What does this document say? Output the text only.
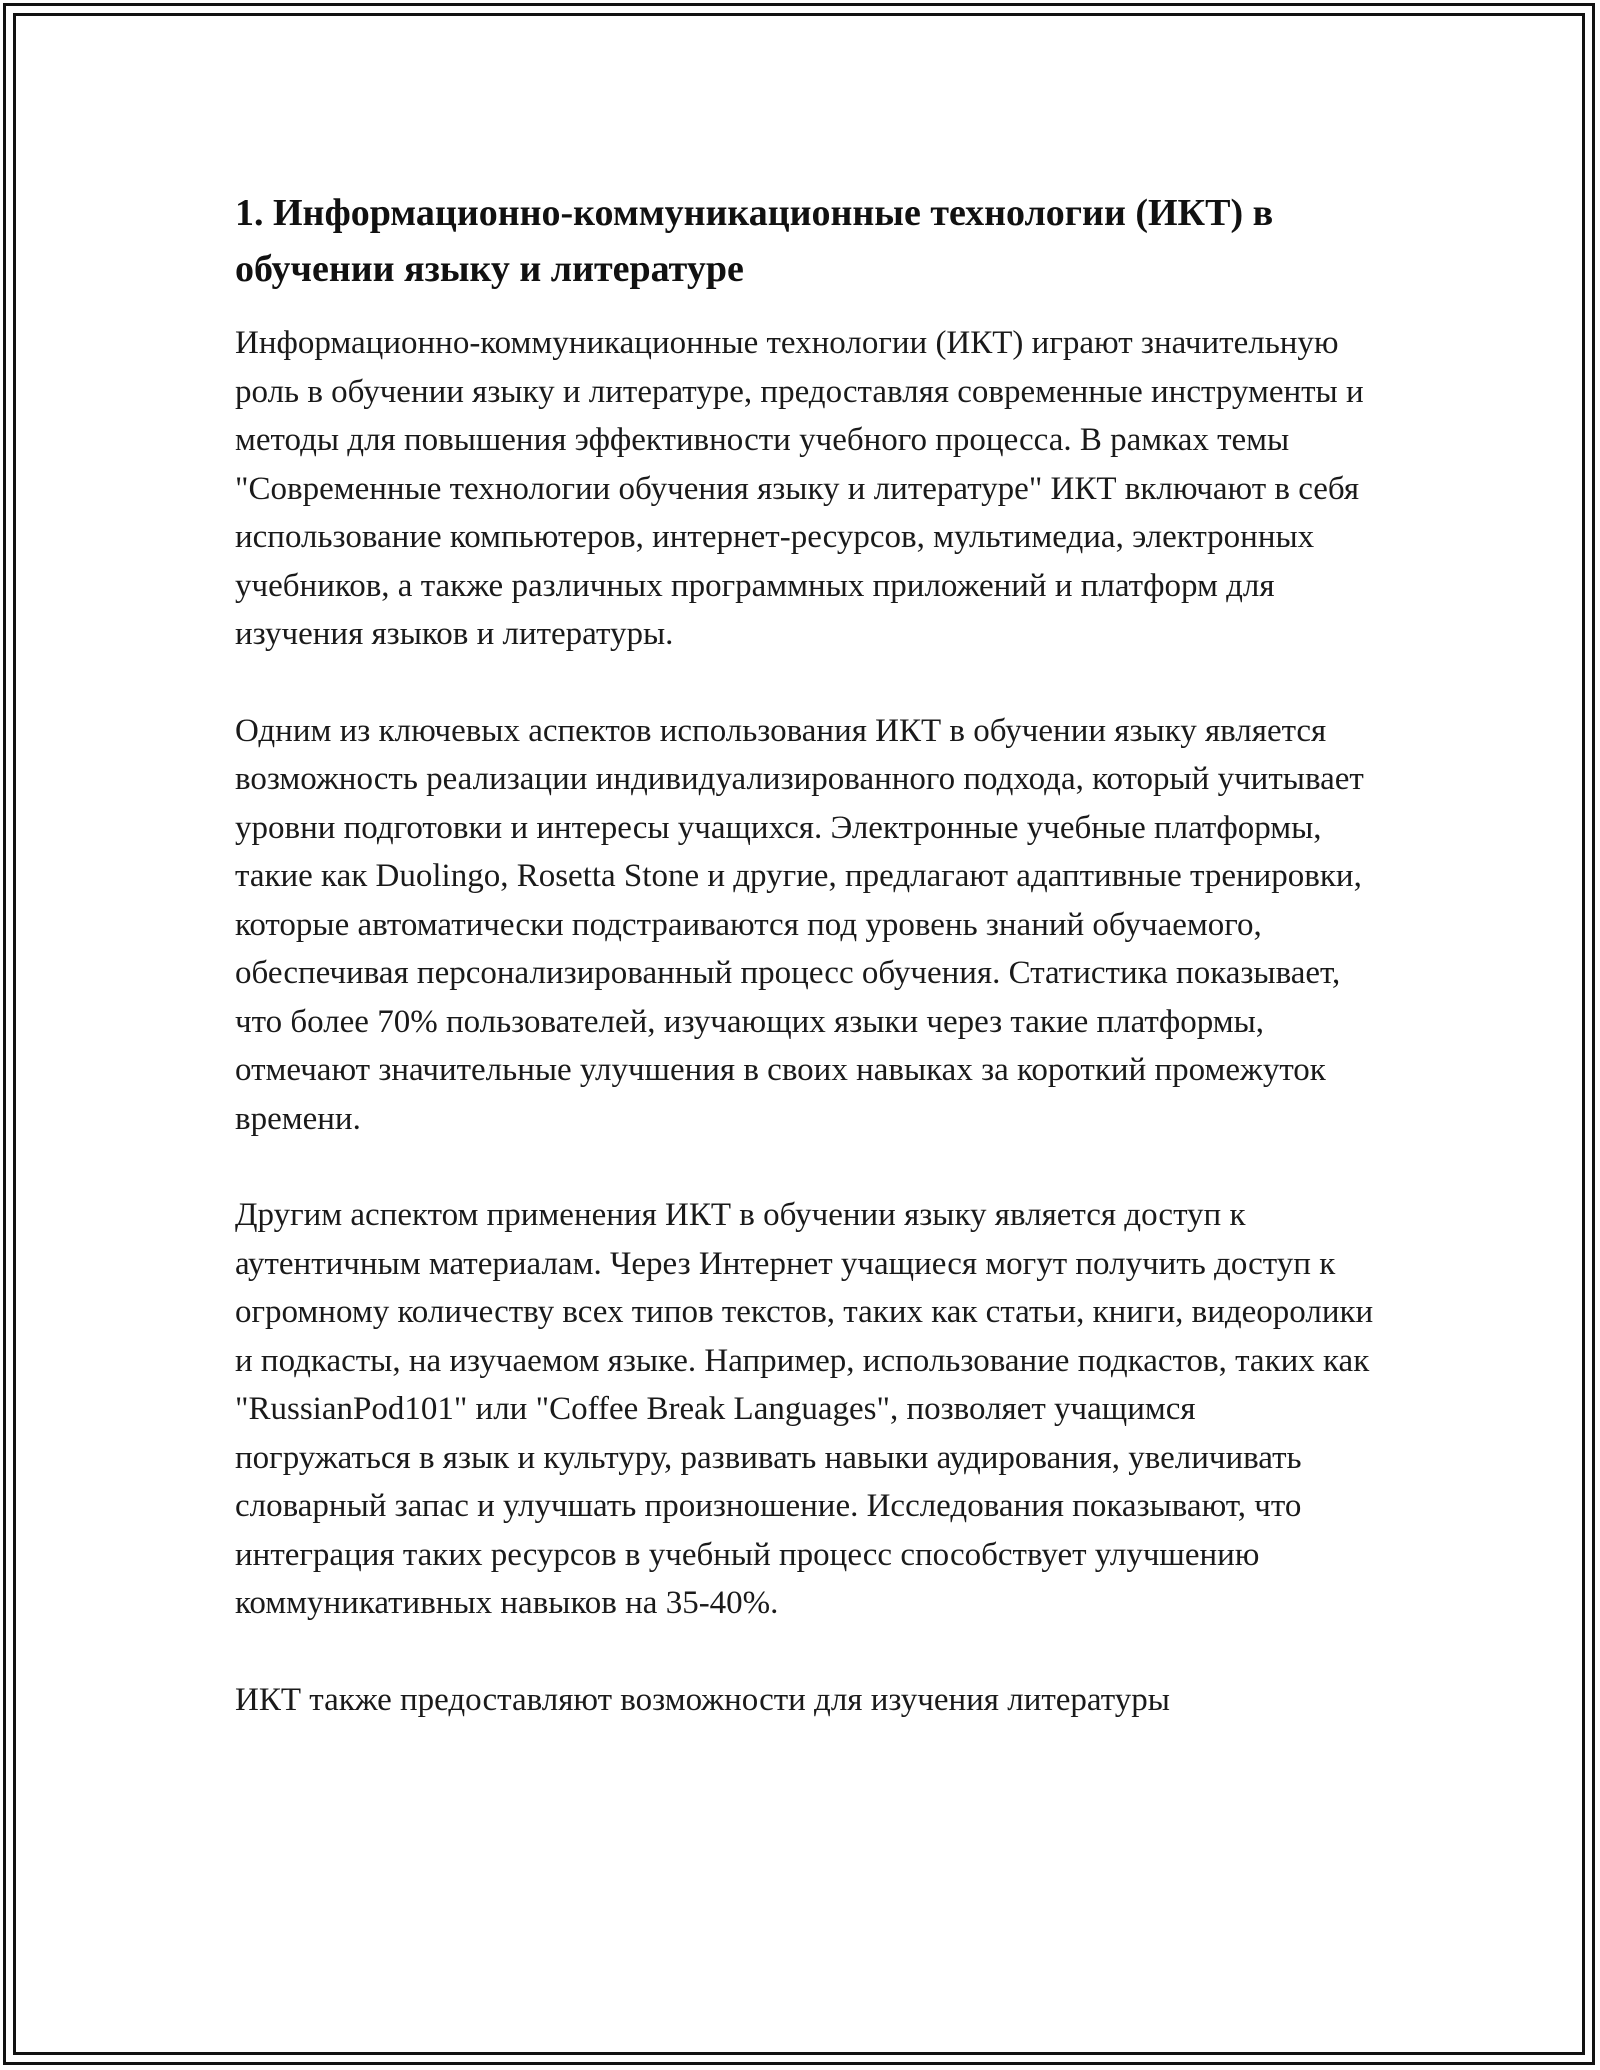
1. Информационно-коммуникационные технологии (ИКТ) в обучении языку и литературе

Информационно-коммуникационные технологии (ИКТ) играют значительную роль в обучении языку и литературе, предоставляя современные инструменты и методы для повышения эффективности учебного процесса. В рамках темы "Современные технологии обучения языку и литературе" ИКТ включают в себя использование компьютеров, интернет-ресурсов, мультимедиа, электронных учебников, а также различных программных приложений и платформ для изучения языков и литературы.

Одним из ключевых аспектов использования ИКТ в обучении языку является возможность реализации индивидуализированного подхода, который учитывает уровни подготовки и интересы учащихся. Электронные учебные платформы, такие как Duolingo, Rosetta Stone и другие, предлагают адаптивные тренировки, которые автоматически подстраиваются под уровень знаний обучаемого, обеспечивая персонализированный процесс обучения. Статистика показывает, что более 70% пользователей, изучающих языки через такие платформы, отмечают значительные улучшения в своих навыках за короткий промежуток времени.

Другим аспектом применения ИКТ в обучении языку является доступ к аутентичным материалам. Через Интернет учащиеся могут получить доступ к огромному количеству всех типов текстов, таких как статьи, книги, видеоролики и подкасты, на изучаемом языке. Например, использование подкастов, таких как "RussianPod101" или "Coffee Break Languages", позволяет учащимся погружаться в язык и культуру, развивать навыки аудирования, увеличивать словарный запас и улучшать произношение. Исследования показывают, что интеграция таких ресурсов в учебный процесс способствует улучшению коммуникативных навыков на 35-40%.

ИКТ также предоставляют возможности для изучения литературы
